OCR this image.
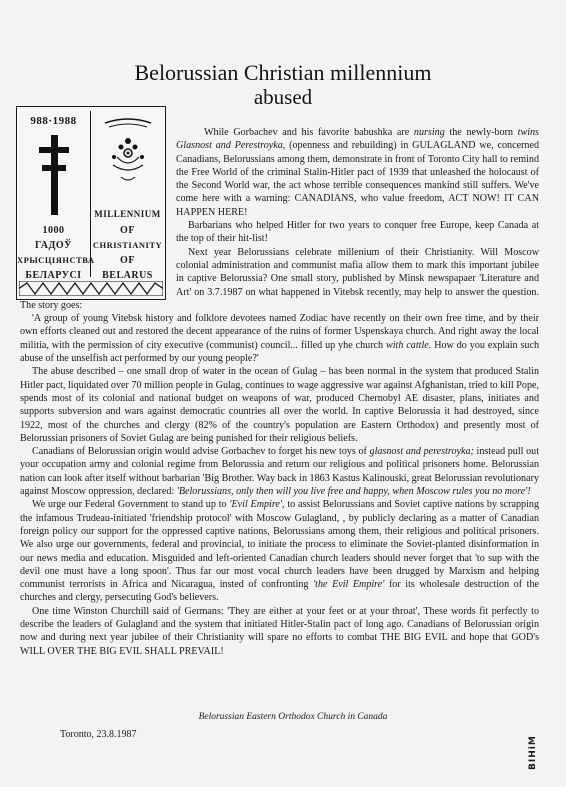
Belorussian Christian millennium
abused
988·1988
1000
ГАДОЎ
ХРЫСЦІЯНСТВА
БЕЛАРУСІ
MILLENNIUM
OF
CHRISTIANITY
OF
BELARUS

While Gorbachev and his favorite babushka are nursing the newly-born twins Glasnost and Perestroyka, (openness and rebuilding) in GULAGLAND we, concerned Canadians, Belorussians among them, demonstrate in front of Toronto City hall to remind the Free World of the criminal Stalin-Hitler pact of 1939 that unleashed the holocaust of the Second World war, the act whose terrible consequences mankind still suffers. We've come here with a warning: CANADIANS, who value freedom, ACT NOW! IT CAN HAPPEN HERE!

Barbarians who helped Hitler for two years to conquer free Europe, keep Canada at the top of their hit-list!

Next year Belorussians celebrate millenium of their Christianity. Will Moscow colonial administration and communist mafia allow them to mark this important jubilee in captive Belorussia? One small story, published by Minsk newspapaer 'Literature and Art' on 3.7.1987 on what happened in Vitebsk recently, may help to answer the question. The story goes:

'A group of young Vitebsk history and folklore devotees named Zodiac have recently on their own free time, and by their own efforts cleaned out and restored the decent appearance of the ruins of former Uspenskaya church. And right away the local militia, with the permission of city executive (communist) council... filled up yhe church with cattle. How do you explain such abuse of the unselfish act performed by our young people?'

The abuse described – one small drop of water in the ocean of Gulag – has been normal in the system that produced Stalin Hitler pact, liquidated over 70 million people in Gulag, continues to wage aggressive war against Afghanistan, tried to kill Pope, spends most of its colonial and national budget on weapons of war, produced Chernobyl AE disaster, plans, initiates and supports subversion and wars against democratic countries all over the world. In captive Belorussia it had destroyed, since 1922, most of the churches and clergy (82% of the country's population are Eastern Orthodox) and presently most of Belorussian prisoners of Soviet Gulag are being punished for their religious beliefs.

Canadians of Belorussian origin would advise Gorbachev to forget his new toys of glasnost and perestroyka; instead pull out your occupation army and colonial regime from Belorussia and return our religious and political prisoners home. Belorussian nation can look after itself without barbarian 'Big Brother. Way back in 1863 Kastus Kalinouski, great Belorussian revolutionary against Moscow oppression, declared: 'Belorussians, only then will you live free and happy, when Moscow rules you no more'!

We urge our Federal Government to stand up to 'Evil Empire', to assist Belorussians and Soviet captive nations by scrapping the infamous Trudeau-initiated 'friendship protocol' with Moscow Gulagland, , by publicly declaring as a matter of Canadian foreign policy our support for the oppressed captive nations, Belorussians among them, their religious and political prisoners. We also urge our governments, federal and provincial, to initiate the process to eliminate the Soviet-planted disinformation in our news media and education. Misguided and left-oriented Canadian church leaders should never forget that 'to sup with the devil one must have a long spoon'. Thus far our most vocal church leaders have been drugged by Marxism and helping communist terrorists in Africa and Nicaragua, insted of confronting 'the Evil Empire' for its wholesale destruction of the churches and clergy, persecuting God's believers.

One time Winston Churchill said of Germans: 'They are either at your feet or at your throat', These words fit perfectly to describe the leaders of Gulagland and the system that initiated Hitler-Stalin pact of long ago. Canadians of Belorussian origin now and during next year jubilee of their Christianity will spare no efforts to combat THE BIG EVIL and hope that GOD's WILL OVER THE BIG EVIL SHALL PREVAIL!

Belorussian Eastern Orthodox Church in Canada
Toronto, 23.8.1987
ВІНіМ
